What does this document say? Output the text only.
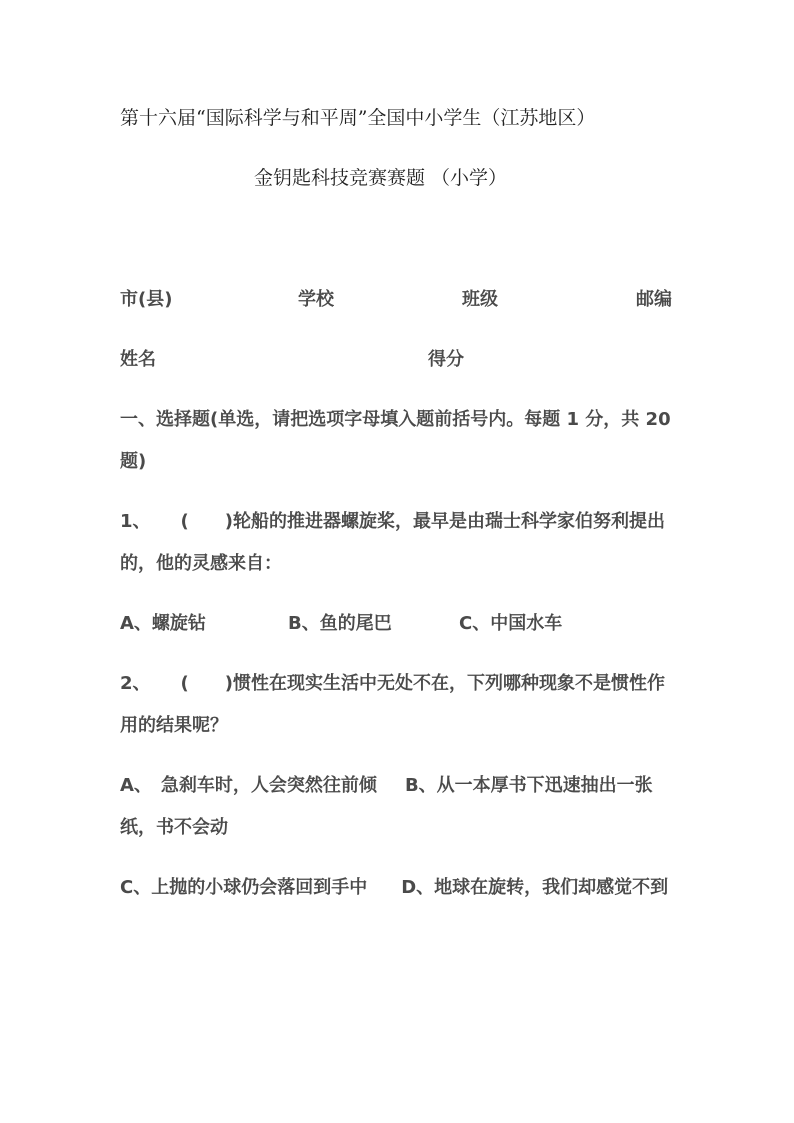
第十六届“国际科学与和平周”全国中小学生（江苏地区）
金钥匙科技竞赛赛题 （小学）
市(县)	学校	班级	邮编
姓名	得分
一、选择题(单选，请把选项字母填入题前括号内。每题 1 分，共 20 题)
1、 (　　)轮船的推进器螺旋桨，最早是由瑞士科学家伯努利提出的，他的灵感来自：
A、螺旋钻	B、鱼的尾巴	C、中国水车
2、 (　　)惯性在现实生活中无处不在，下列哪种现象不是惯性作用的结果呢？
A、　急刹车时，人会突然往前倾 B、从一本厚书下迅速抽出一张纸，书不会动
C、上抛的小球仍会落回到手中 D、地球在旋转，我们却感觉不到
